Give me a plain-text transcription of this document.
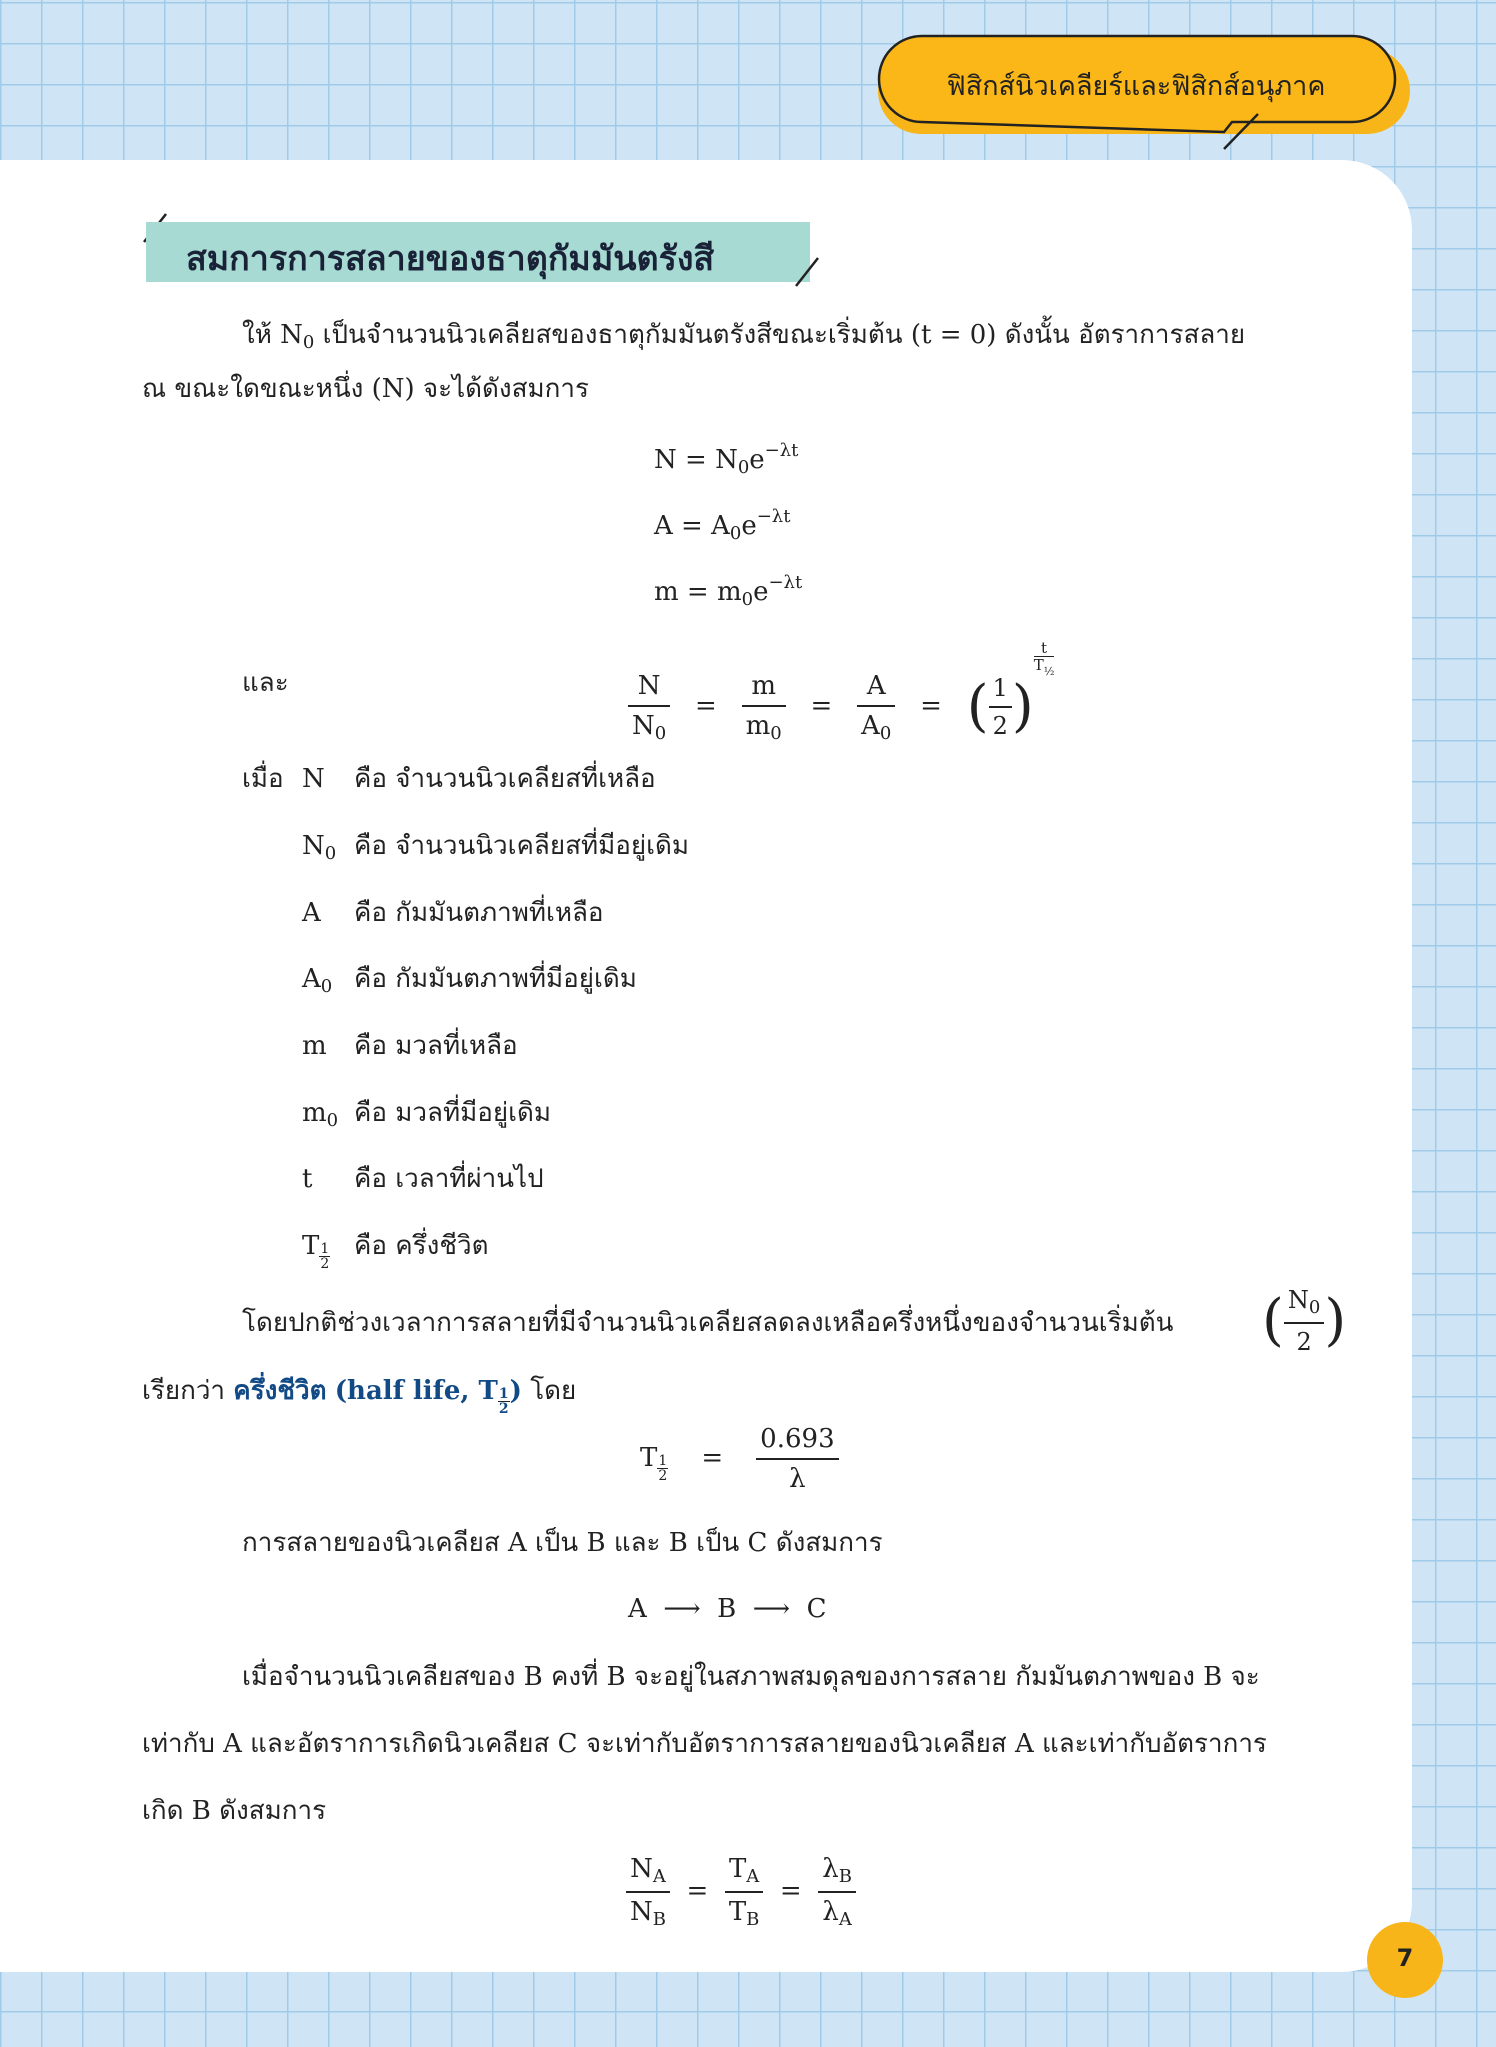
ฟิสิกส์นิวเคลียร์และฟิสิกส์อนุภาค
สมการการสลายของธาตุกัมมันตรังสี
ให้ $N_0$ เป็นจำนวนนิวเคลียสของธาตุกัมมันตรังสีขณะเริ่มต้น (t = 0) ดังนั้น อัตราการสลาย
ณ ขณะใดขณะหนึ่ง (N) จะได้ดังสมการ
$N = N_0e^{-\lambda t}$
$A = A_0e^{-\lambda t}$
$m = m_0e^{-\lambda t}$
และ	$\frac{N}{N_0} = \frac{m}{m_0} = \frac{A}{A_0}$ = ( $\frac{1}{2}$ )
$\frac{t}{T_{\frac{1}{2}}}$
เมื่อ N คือ จำนวนนิวเคลียสที่เหลือ
$N_0$ คือ จำนวนนิวเคลียสที่มีอยู่เดิม
A คือ กัมมันตภาพที่เหลือ
$A_0$ คือ กัมมันตภาพที่มีอยู่เดิม
m คือ มวลที่เหลือ
$m_0$ คือ มวลที่มีอยู่เดิม
t คือ เวลาที่ผ่านไป
T $\frac{1}{2}$ คือ ครึ่งชีวิต
โดยปกติช่วงเวลาการสลายที่มีจำนวนนิวเคลียสลดลงเหลือครึ่งหนึ่งของจำนวนเริ่มต้น ( $\frac{N_0}{2}$ )
เรียกว่า ครึ่งชีวิต (half life, T $\frac{1}{2}$) โดย
T $\frac{1}{2}$    = $\frac{0.693}{\lambda}$
การสลายของนิวเคลียส A เป็น B และ B เป็น C ดังสมการ
A ⟶ B ⟶ C
เมื่อจำนวนนิวเคลียสของ B คงที่ B จะอยู่ในสภาพสมดุลของการสลาย กัมมันตภาพของ B จะ
เท่ากับ A และอัตราการเกิดนิวเคลียส C จะเท่ากับอัตราการสลายของนิวเคลียส A และเท่ากับอัตราการ
เกิด B ดังสมการ
$\frac{N_A}{N_B} = \frac{T_A}{T_B} = \frac{\lambda_B}{\lambda_A}$
7
